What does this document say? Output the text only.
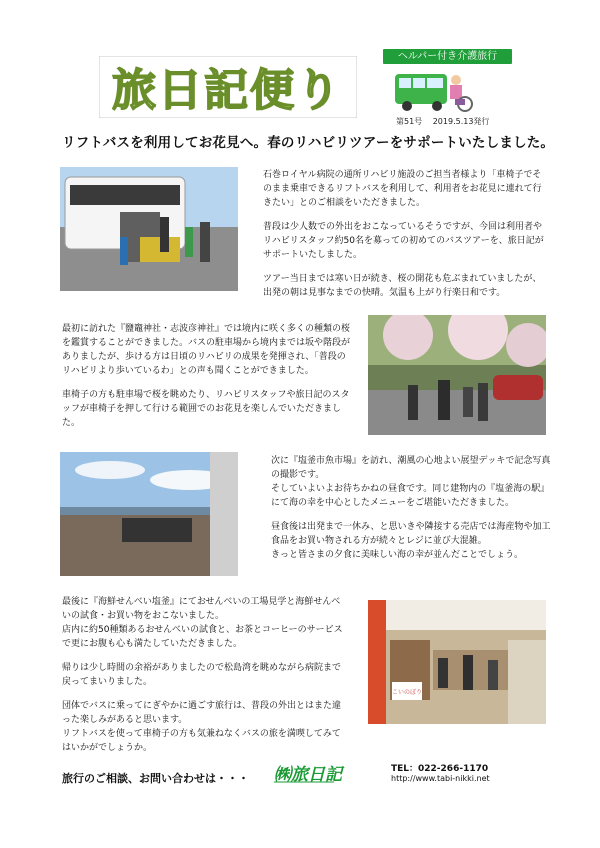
旅日記便り
ヘルパー付き介護旅行
第51号　 2019.5.13発行
リフトバスを利用してお花見へ。春のリハビリツアーをサポートいたしました。

石巻ロイヤル病院の通所リハビリ施設のご担当者様より「車椅子でそのまま乗車できるリフトバスを利用して、利用者をお花見に連れて行きたい」とのご相談をいただきました。

普段は少人数での外出をおこなっているそうですが、今回は利用者やリハビリスタッフ約50名を募っての初めてのバスツアーを、旅日記がサポートいたしました。

ツアー当日までは寒い日が続き、桜の開花も危ぶまれていましたが、出発の朝は見事なまでの快晴。気温も上がり行楽日和です。

最初に訪れた『鹽竈神社・志波彦神社』では境内に咲く多くの種類の桜を鑑賞することができました。バスの駐車場から境内までは坂や階段がありましたが、歩ける方は日頃のリハビリの成果を発揮され、「普段のリハビリより歩いているわ」との声も聞くことができました。

車椅子の方も駐車場で桜を眺めたり、リハビリスタッフや旅日記のスタッフが車椅子を押して行ける範囲でのお花見を楽しんでいただきました。

次に『塩釜市魚市場』を訪れ、潮風の心地よい展望デッキで記念写真の撮影です。
そしていよいよお待ちかねの昼食です。同じ建物内の『塩釜海の駅』にて海の幸を中心としたメニューをご堪能いただきました。

昼食後は出発まで一休み、と思いきや隣接する売店では海産物や加工食品をお買い物される方が続々とレジに並び大混雑。
きっと皆さまの夕食に美味しい海の幸が並んだことでしょう。

最後に『海鮮せんべい塩釜』にておせんべいの工場見学と海鮮せんべいの試食・お買い物をおこないました。
店内に約50種類あるおせんべいの試食と、お茶とコーヒーのサービスで更にお腹も心も満たしていただきました。

帰りは少し時間の余裕がありましたので松島湾を眺めながら病院まで戻ってまいりました。

団体でバスに乗ってにぎやかに過ごす旅行は、普段の外出とはまた違った楽しみがあると思います。
リフトバスを使って車椅子の方も気兼ねなくバスの旅を満喫してみてはいかがでしょうか。

こいのぼり
旅行のご相談、お問い合わせは・・・ ㈱旅日記	TEL：022-266-1170
http://www.tabi-nikki.net
